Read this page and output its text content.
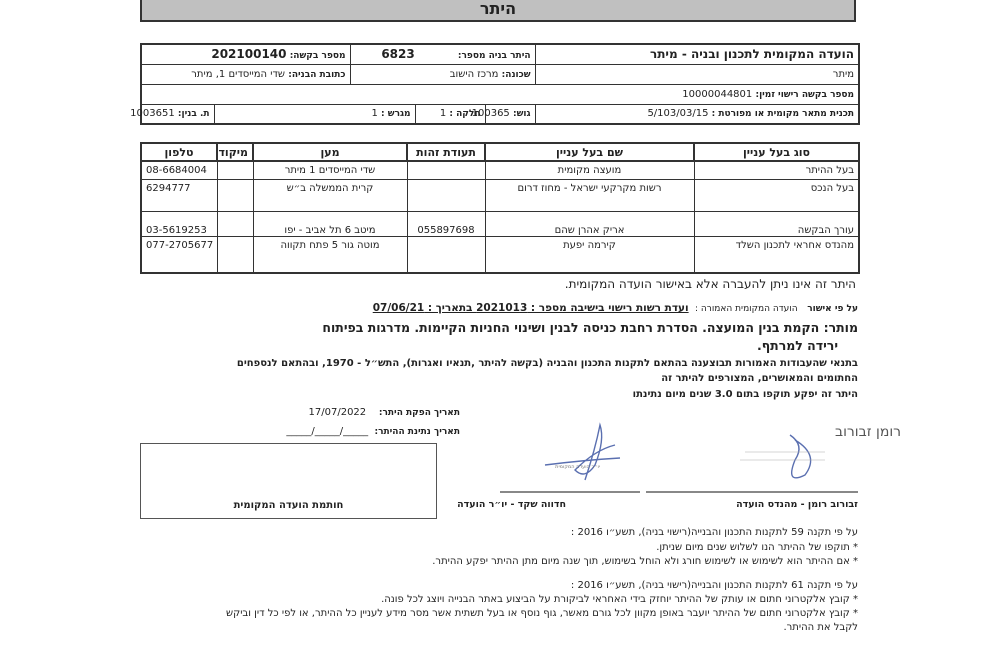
היתר
הועדה המקומית לתכנון ובניה - מיתר	היתר בניה מספר: 6823			מספר בקשה: 202100140	
מיתר	שכונה: מרכז הישוב			כתובת הבניה: שדי המייסדים 1, מיתר	
מספר בקשה רישוי זמין: 10000044801					
תכנית מתאר מקומית או מפורטת : 5/103/03/15	גוש: 100365	חלקה : 1	מגרש : 1		ת. בנין: 1003651
סוג בעל עניין	שם בעל עניין	תעודת זהות	מען	מיקוד	טלפון
בעל ההיתר	מועצה מקומית		שדי המייסדים 1 מיתר		08-6684004
בעל הנכס	רשות מקרקעי ישראל - מחוז דרום		קרית הממשלה ב״ש		6294777
עורך הבקשה	אריק אהרן שהם	055897698	מיטב 6 תל אביב - יפו		03-5619253
מהנדס אחראי לתכנון השלד	קירמה יפעת		מוטה גור 5 פתח תקווה		077-2705677
היתר זה אינו ניתן להעברה אלא באישור הועדה המקומית.
על פי אישור   הועדה המקומית האמורה :  ועדת רשות רישוי בישיבה מספר : 2021013 בתאריך : 07/06/21
מותר: הקמת בנין המועצה. הסדרת רחבת כניסה לבנין ושינוי החניות הקיימות. מדרגות בפיתוח
ירידה למרתף.
בתנאי שהעבודות האמורות תבוצענה בהתאם לתקנות התכנון והבניה (בקשה להיתר ,תנאיו ואגרות), התש״ל - 1970, ובהתאם לנספחים
החתומים והמאושרים, המצורפים להיתר זה
היתר זה יפקע תוקפו בתום 3.0 שנים מיום נתינתו
תאריך הפקת היתר:    17/07/2022
תאריך נתינת ההיתר:  _____/_____/_____
חותמת הועדה המקומית
יו״ר הועדה המקומית
רומן זבורוב
חדווה שקד - יו״ר הועדה	זבורוב רומן - מהנדס הועדה
על פי תקנה 59 לתקנות התכנון והבנייה(רישוי בניה), תשע״ו 2016 :
* תוקפו של ההיתר הנו לשלוש שנים מיום שניתן.
* אם ההיתר הוא לשימוש או לשימוש חורג ולא הוחל בשימוש, תוך שנה מיום מתן ההיתר יפקע ההיתר.
על פי תקנה 61 לתקנות התכנון והבנייה(רישוי בניה), תשע״ו 2016 :
* קובץ אלקטרוני חתום או עותק של ההיתר יוחזק בידי האחראי לביקורת על הביצוע באתר הבנייה ויוצג לכל פונה.
* קובץ אלקטרוני חתום של ההיתר יועבר באופן מקוון לכל גורם מאשר, גוף נוסף או בעל תשתית אשר מסר מידע לעניין כל ההיתר, או לפי כל דין וביקש
לקבל את ההיתר.
